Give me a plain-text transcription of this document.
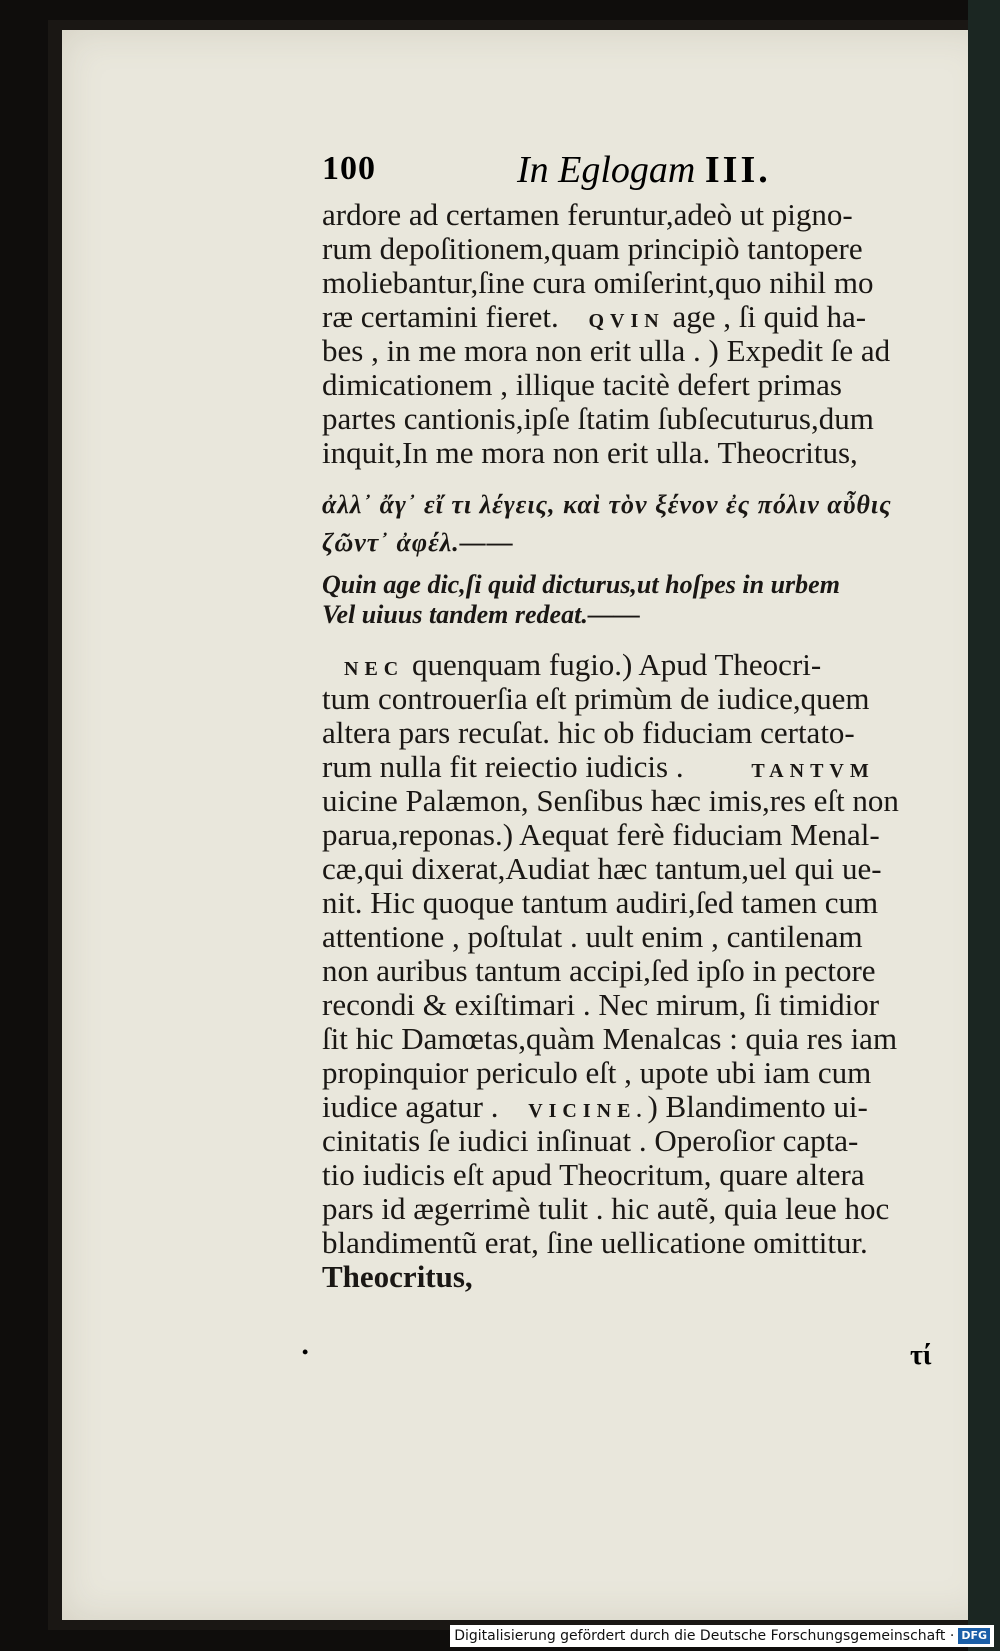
100	In Eglogam III.
ardore ad certamen feruntur,adeò ut pigno-
rum depoſitionem,quam principiò tantopere
moliebantur,ſine cura omiſerint,quo nihil mo
ræ certamini fieret. QVIN age , ſi quid ha-
bes , in me mora non erit ulla . ) Expedit ſe ad
dimicationem , illique tacitè defert primas
partes cantionis,ipſe ſtatim ſubſecuturus,dum
inquit,In me mora non erit ulla. Theocritus,
ἀλλ᾽ ἄγ᾽ εἴ τι λέγεις, καὶ τὸν ξένον ἐς πόλιν αὖθις
ζῶντ᾽ ἀφέλ.——
Quin age dic,ſi quid dicturus,ut hoſpes in urbem
Vel uiuus tandem redeat.——
NEC quenquam fugio.) Apud Theocri-
tum controuerſia eſt primùm de iudice,quem
altera pars recuſat. hic ob fiduciam certato-
rum nulla fit reiectio iudicis .	TANTVM
uicine Palæmon, Senſibus hæc imis,res eſt non
parua,reponas.) Aequat ferè fiduciam Menal-
cæ,qui dixerat,Audiat hæc tantum,uel qui ue-
nit. Hic quoque tantum audiri,ſed tamen cum
attentione , poſtulat . uult enim , cantilenam
non auribus tantum accipi,ſed ipſo in pectore
recondi & exiſtimari . Nec mirum, ſi timidior
ſit hic Damœtas,quàm Menalcas : quia res iam
propinquior periculo eſt , upote ubi iam cum
iudice agatur . VICINE.) Blandimento ui-
cinitatis ſe iudici inſinuat . Operoſior capta-
tio iudicis eſt apud Theocritum, quare altera
pars id ægerrimè tulit . hic autẽ, quia leue hoc
blandimentũ erat, ſine uellicatione omittitur.
Theocritus,
•	τί
Digitalisierung gefördert durch die Deutsche Forschungsgemeinschaft · DFG
